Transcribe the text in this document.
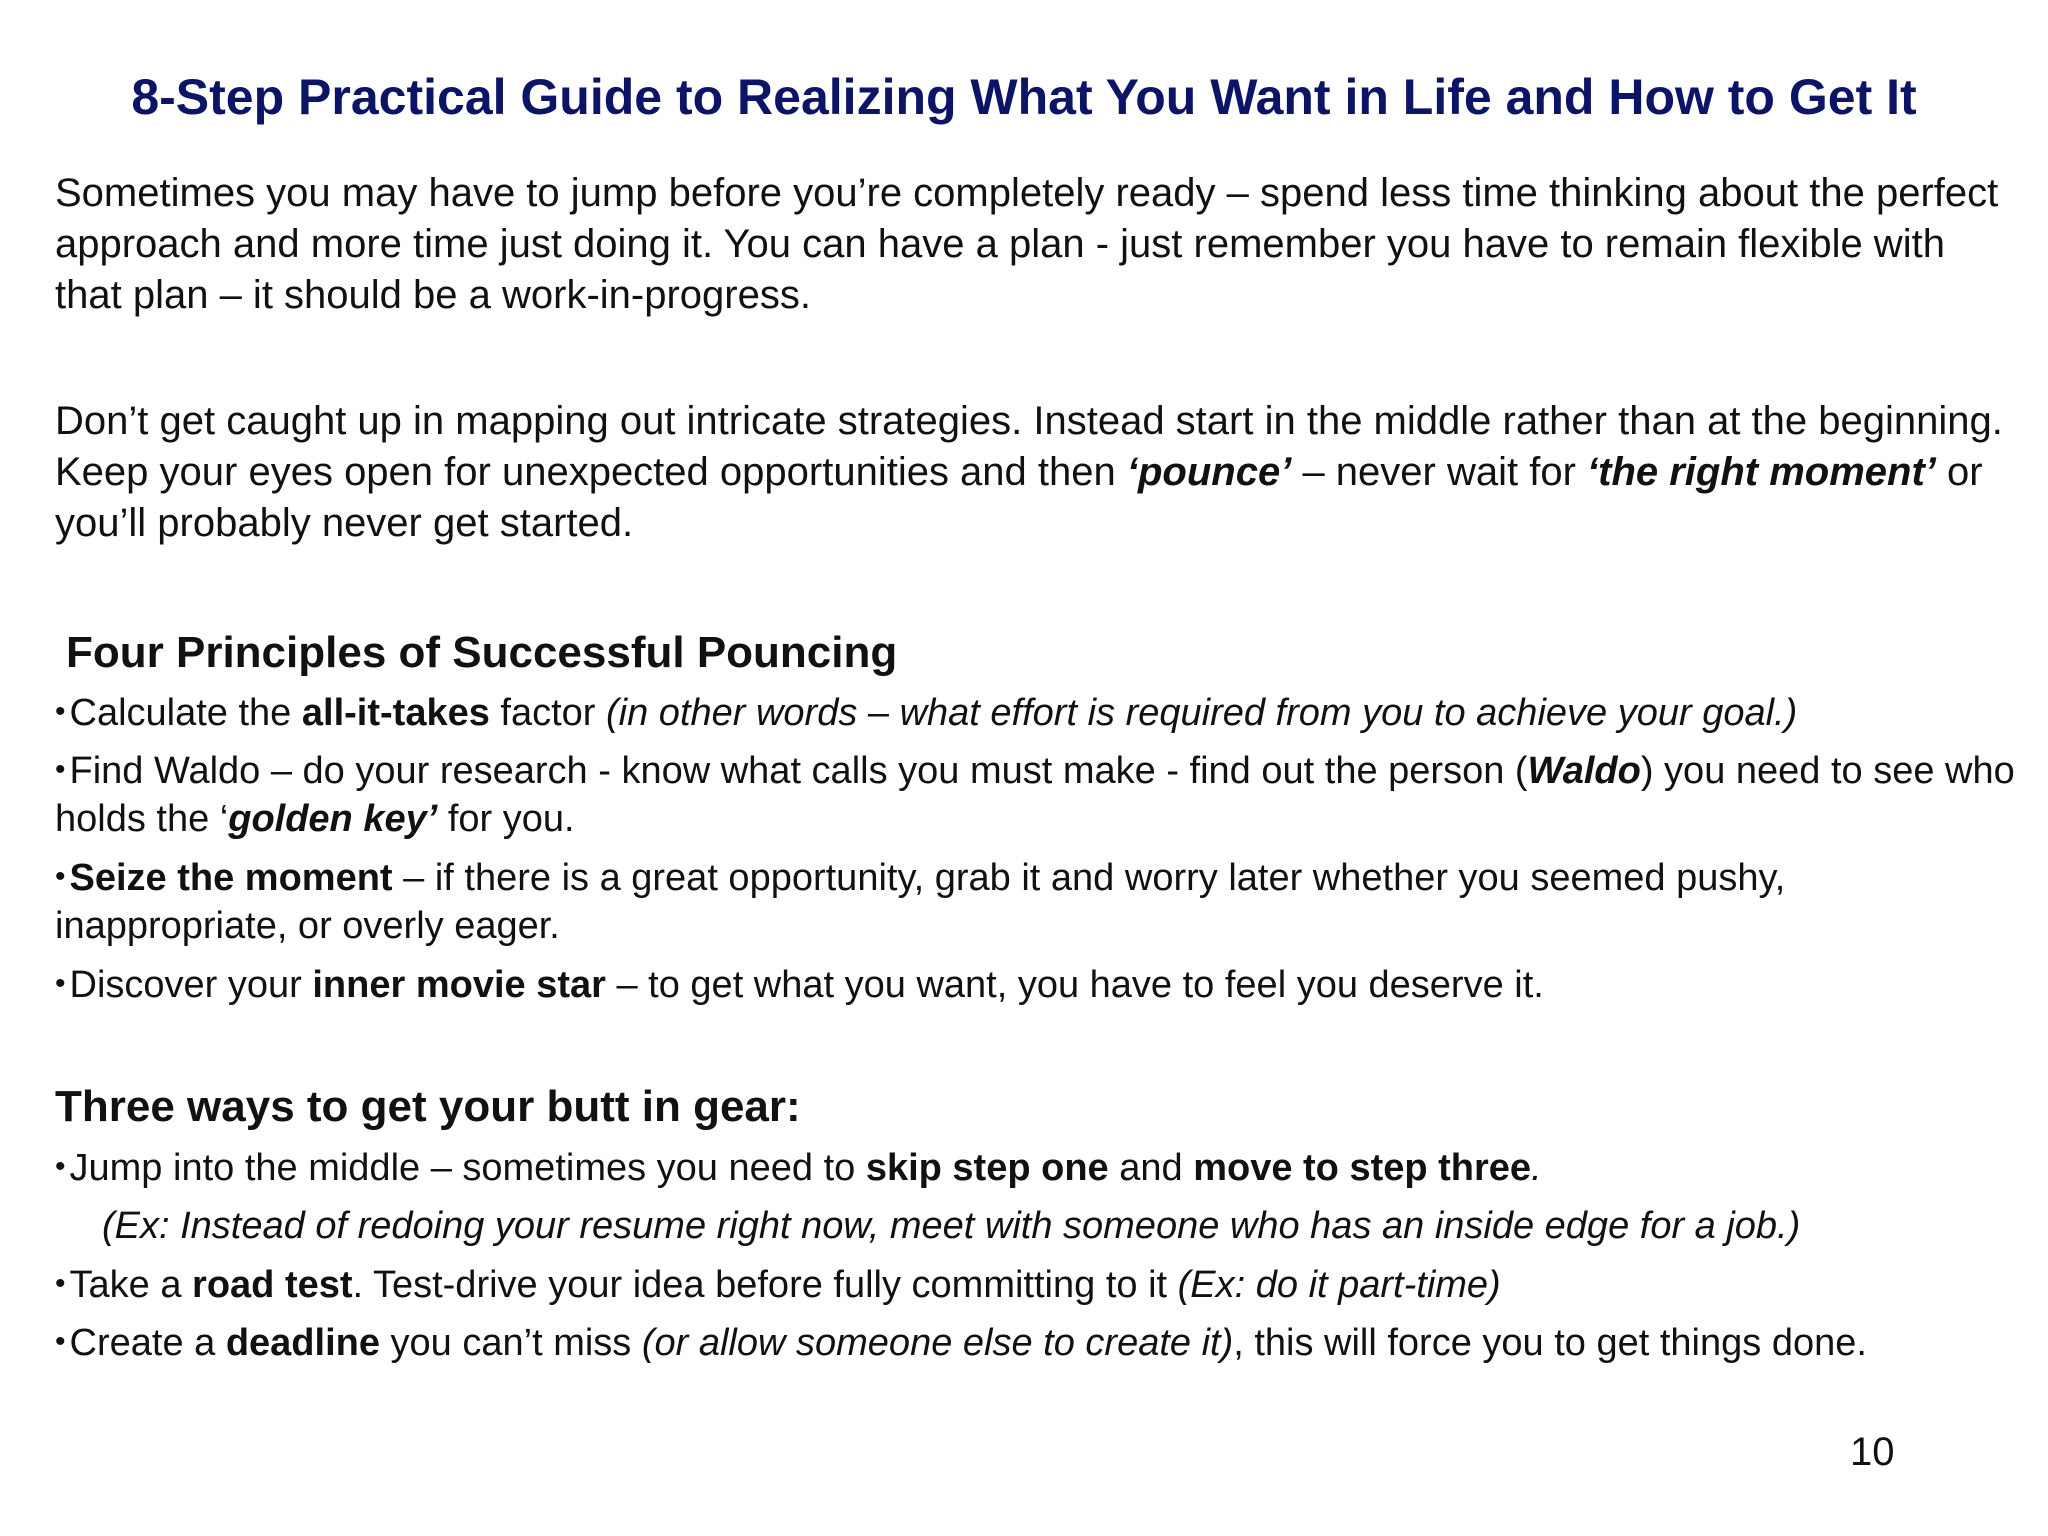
8-Step Practical Guide to Realizing What You Want in Life and How to Get It
Sometimes you may have to jump before you’re completely ready – spend less time thinking about the perfect approach and more time just doing it. You can have a plan - just remember you have to remain flexible with that plan – it should be a work-in-progress.
Don’t get caught up in mapping out intricate strategies. Instead start in the middle rather than at the beginning. Keep your eyes open for unexpected opportunities and then ‘pounce’ – never wait for ‘the right moment’ or you’ll probably never get started.
Four Principles of Successful Pouncing
• Calculate the all-it-takes factor (in other words – what effort is required from you to achieve your goal.)
• Find Waldo – do your research - know what calls you must make - find out the person (Waldo) you need to see who holds the ‘golden key’ for you.
• Seize the moment – if there is a great opportunity, grab it and worry later whether you seemed pushy, inappropriate, or overly eager.
• Discover your inner movie star – to get what you want, you have to feel you deserve it.
Three ways to get your butt in gear:
• Jump into the middle – sometimes you need to skip step one and move to step three.
(Ex: Instead of redoing your resume right now, meet with someone who has an inside edge for a job.)
• Take a road test. Test-drive your idea before fully committing to it (Ex: do it part-time)
• Create a deadline you can’t miss (or allow someone else to create it), this will force you to get things done.
10
